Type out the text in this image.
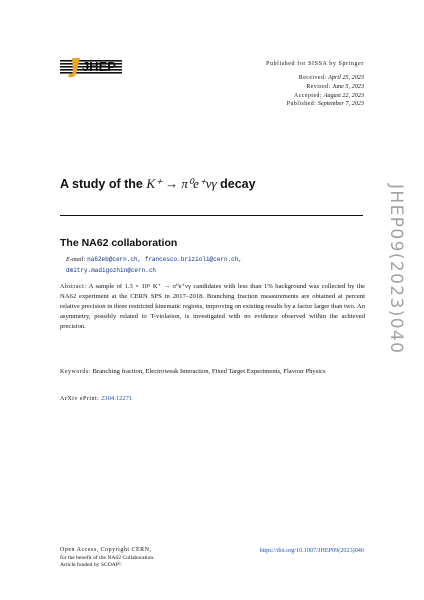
JHEP	Published for SISSA by Springer
Received: April 25, 2023
Revised: June 5, 2023
Accepted: August 22, 2023
Published: September 7, 2023
JHEP09(2023)040
A study of the K⁺ → π⁰e⁺νγ decay
The NA62 collaboration
E-mail: na62eb@cern.ch, francesco.brizioli@cern.ch,
dmitry.madigozhin@cern.ch
Abstract: A sample of 1.3 × 10⁵ K⁺ → π⁰e⁺νγ candidates with less than 1% background was collected by the NA62 experiment at the CERN SPS in 2017–2018. Branching fraction measurements are obtained at percent relative precision in three restricted kinematic regions, improving on existing results by a factor larger than two. An asymmetry, possibly related to T-violation, is investigated with no evidence observed within the achieved precision.
Keywords: Branching fraction, Electroweak Interaction, Fixed Target Experiments, Flavour Physics
ArXiv ePrint: 2304.12271
Open Access, Copyright CERN,
for the benefit of the NA62 Collaboration.
Article funded by SCOAP³.
https://doi.org/10.1007/JHEP09(2023)040
